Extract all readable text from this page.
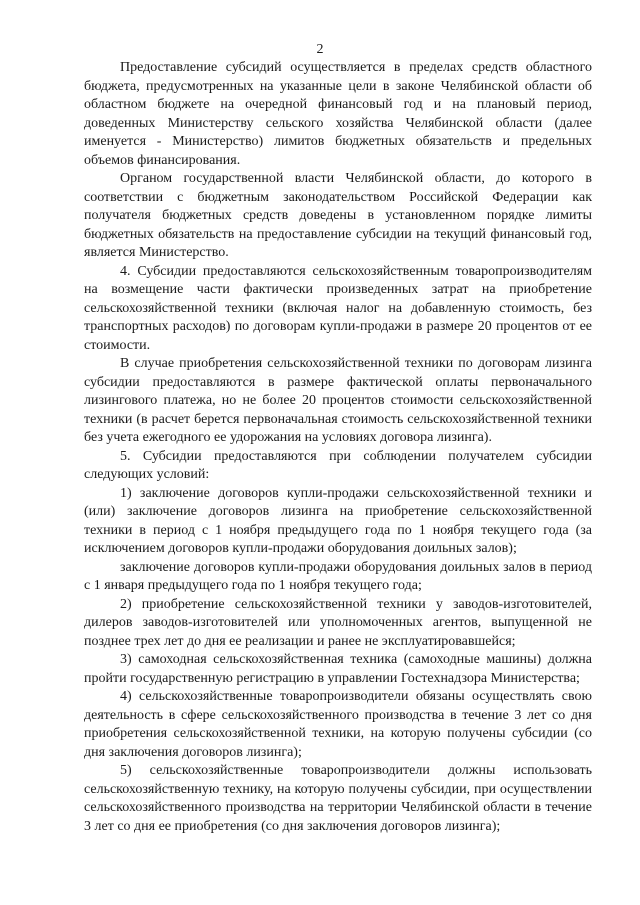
2

Предоставление субсидий осуществляется в пределах средств областного бюджета, предусмотренных на указанные цели в законе Челябинской области об областном бюджете на очередной финансовый год и на плановый период, доведенных Министерству сельского хозяйства Челябинской области (далее именуется - Министерство) лимитов бюджетных обязательств и предельных объемов финансирования.

Органом государственной власти Челябинской области, до которого в соответствии с бюджетным законодательством Российской Федерации как получателя бюджетных средств доведены в установленном порядке лимиты бюджетных обязательств на предоставление субсидии на текущий финансовый год, является Министерство.

4. Субсидии предоставляются сельскохозяйственным товаропроизводителям на возмещение части фактически произведенных затрат на приобретение сельскохозяйственной техники (включая налог на добавленную стоимость, без транспортных расходов) по договорам купли-продажи в размере 20 процентов от ее стоимости.

В случае приобретения сельскохозяйственной техники по договорам лизинга субсидии предоставляются в размере фактической оплаты первоначального лизингового платежа, но не более 20 процентов стоимости сельскохозяйственной техники (в расчет берется первоначальная стоимость сельскохозяйственной техники без учета ежегодного ее удорожания на условиях договора лизинга).

5. Субсидии предоставляются при соблюдении получателем субсидии следующих условий:

1) заключение договоров купли-продажи сельскохозяйственной техники и (или) заключение договоров лизинга на приобретение сельскохозяйственной техники в период с 1 ноября предыдущего года по 1 ноября текущего года (за исключением договоров купли-продажи оборудования доильных залов);

заключение договоров купли-продажи оборудования доильных залов в период с 1 января предыдущего года по 1 ноября текущего года;

2) приобретение сельскохозяйственной техники у заводов-изготовителей, дилеров заводов-изготовителей или уполномоченных агентов, выпущенной не позднее трех лет до дня ее реализации и ранее не эксплуатировавшейся;

3) самоходная сельскохозяйственная техника (самоходные машины) должна пройти государственную регистрацию в управлении Гостехнадзора Министерства;

4) сельскохозяйственные товаропроизводители обязаны осуществлять свою деятельность в сфере сельскохозяйственного производства в течение 3 лет со дня приобретения сельскохозяйственной техники, на которую получены субсидии (со дня заключения договоров лизинга);

5) сельскохозяйственные товаропроизводители должны использовать сельскохозяйственную технику, на которую получены субсидии, при осуществлении сельскохозяйственного производства на территории Челябинской области в течение 3 лет со дня ее приобретения (со дня заключения договоров лизинга);
